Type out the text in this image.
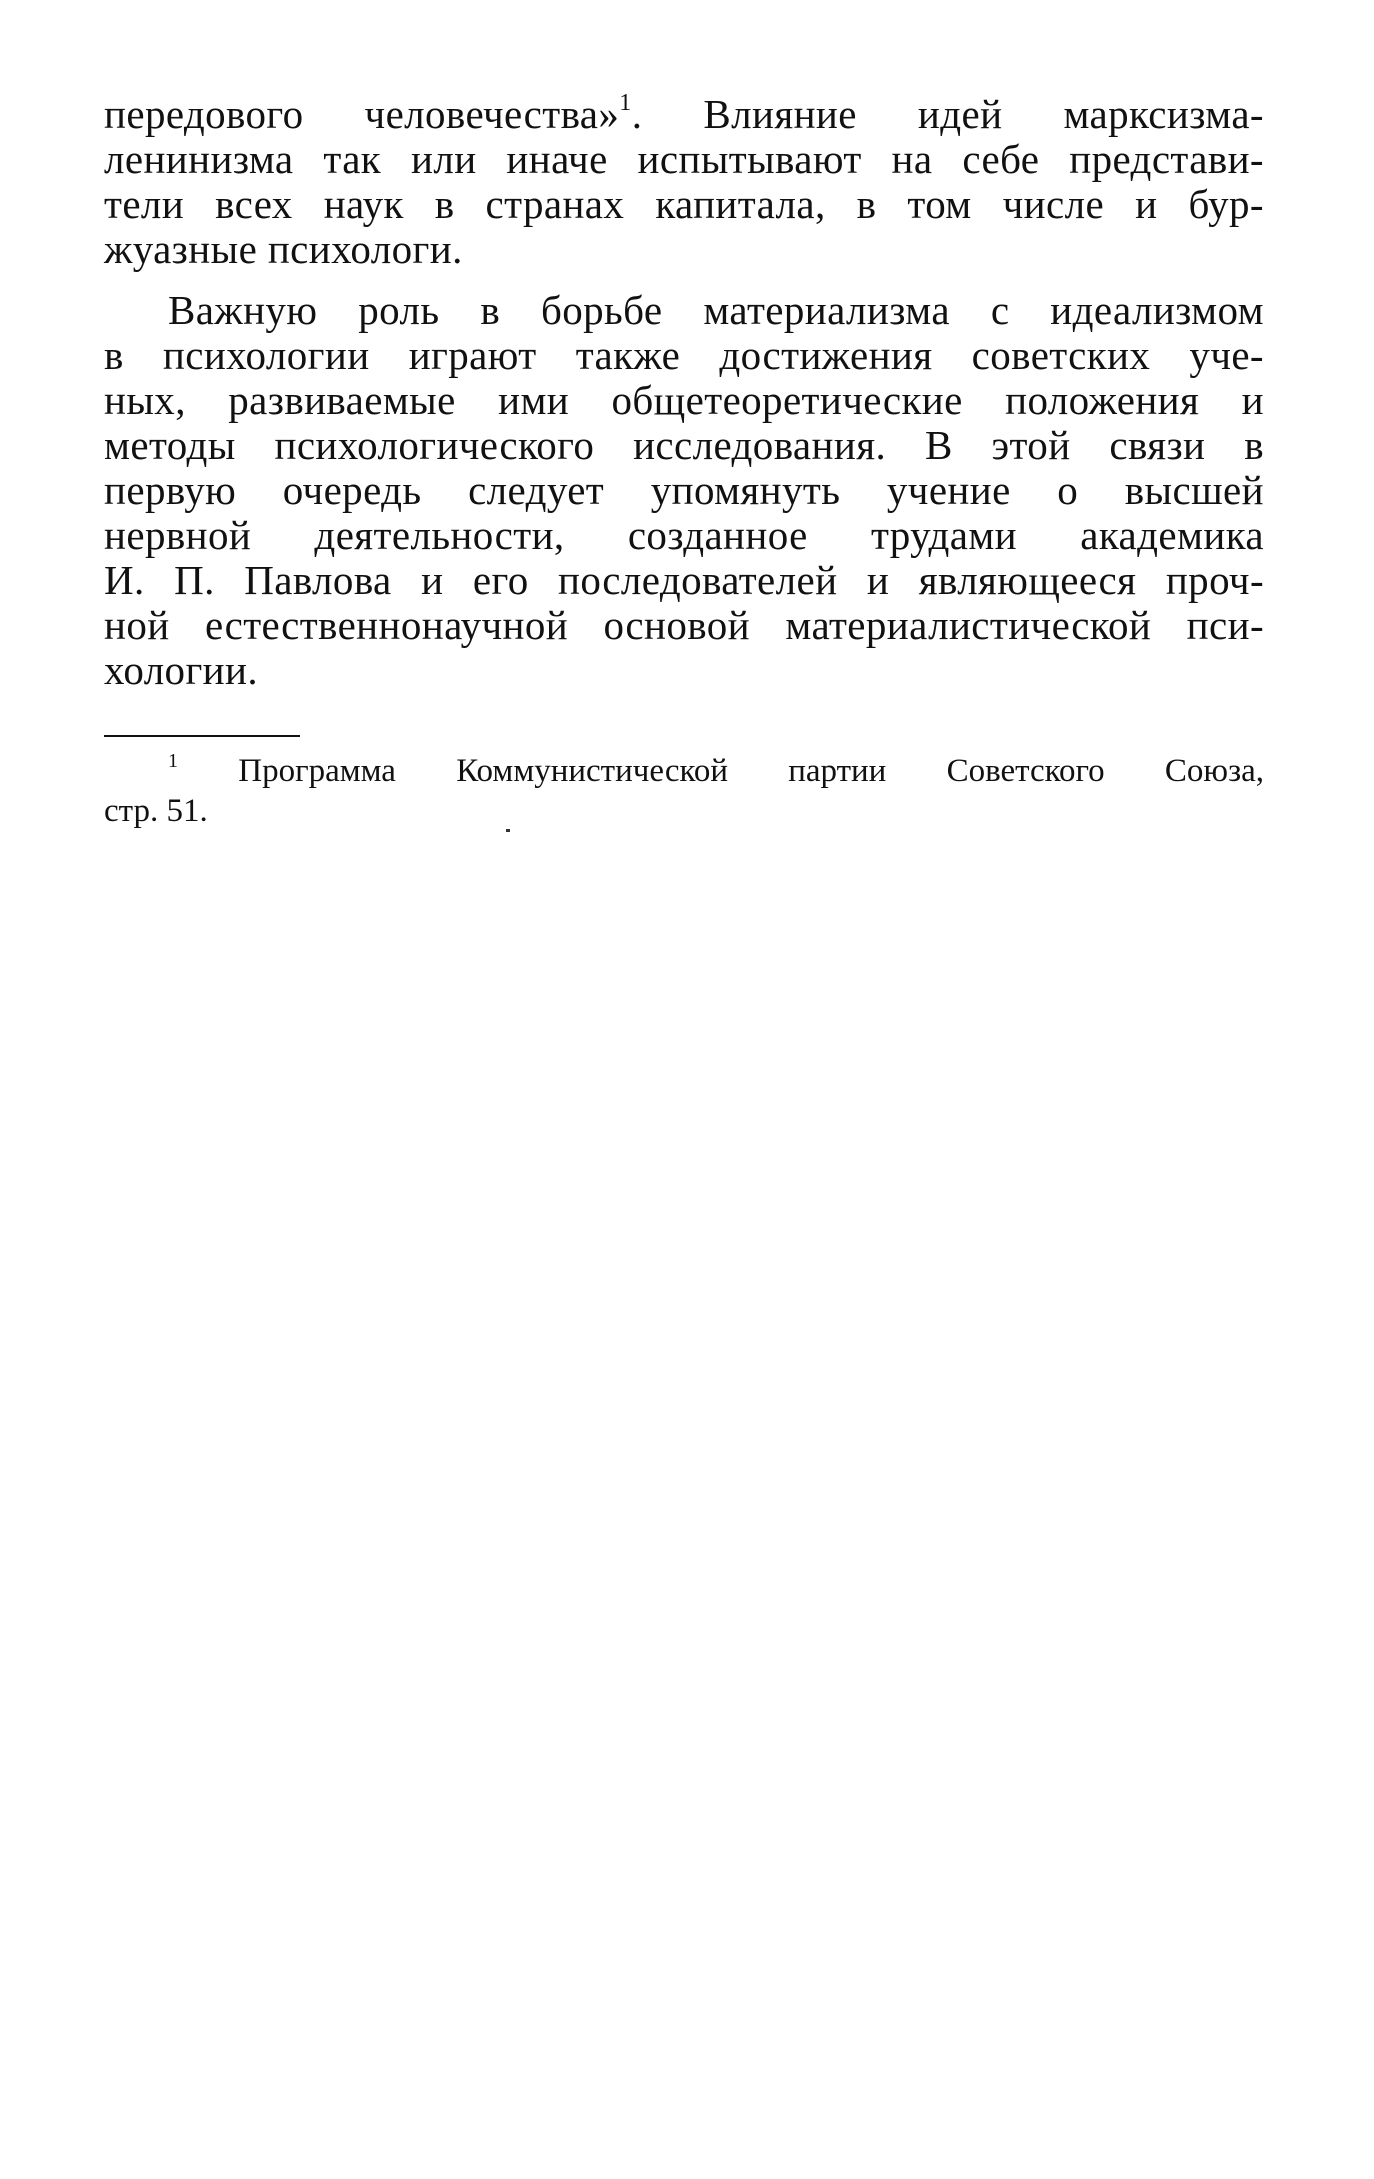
передового человечества»$^1$. Влияние идей марксизма-
ленинизма так или иначе испытывают на себе представи-
тели всех наук в странах капитала, в том числе и бур-
жуазные психологи.

Важную роль в борьбе материализма с идеализмом
в психологии играют также достижения советских уче-
ных, развиваемые ими общетеоретические положения и
методы психологического исследования. В этой связи в
первую очередь следует упомянуть учение о высшей
нервной деятельности, созданное трудами академика
И. П. Павлова и его последователей и являющееся проч-
ной естественнонаучной основой материалистической пси-
хологии.

$^1$ Программа Коммунистической партии Советского Союза,
стр. 51.
